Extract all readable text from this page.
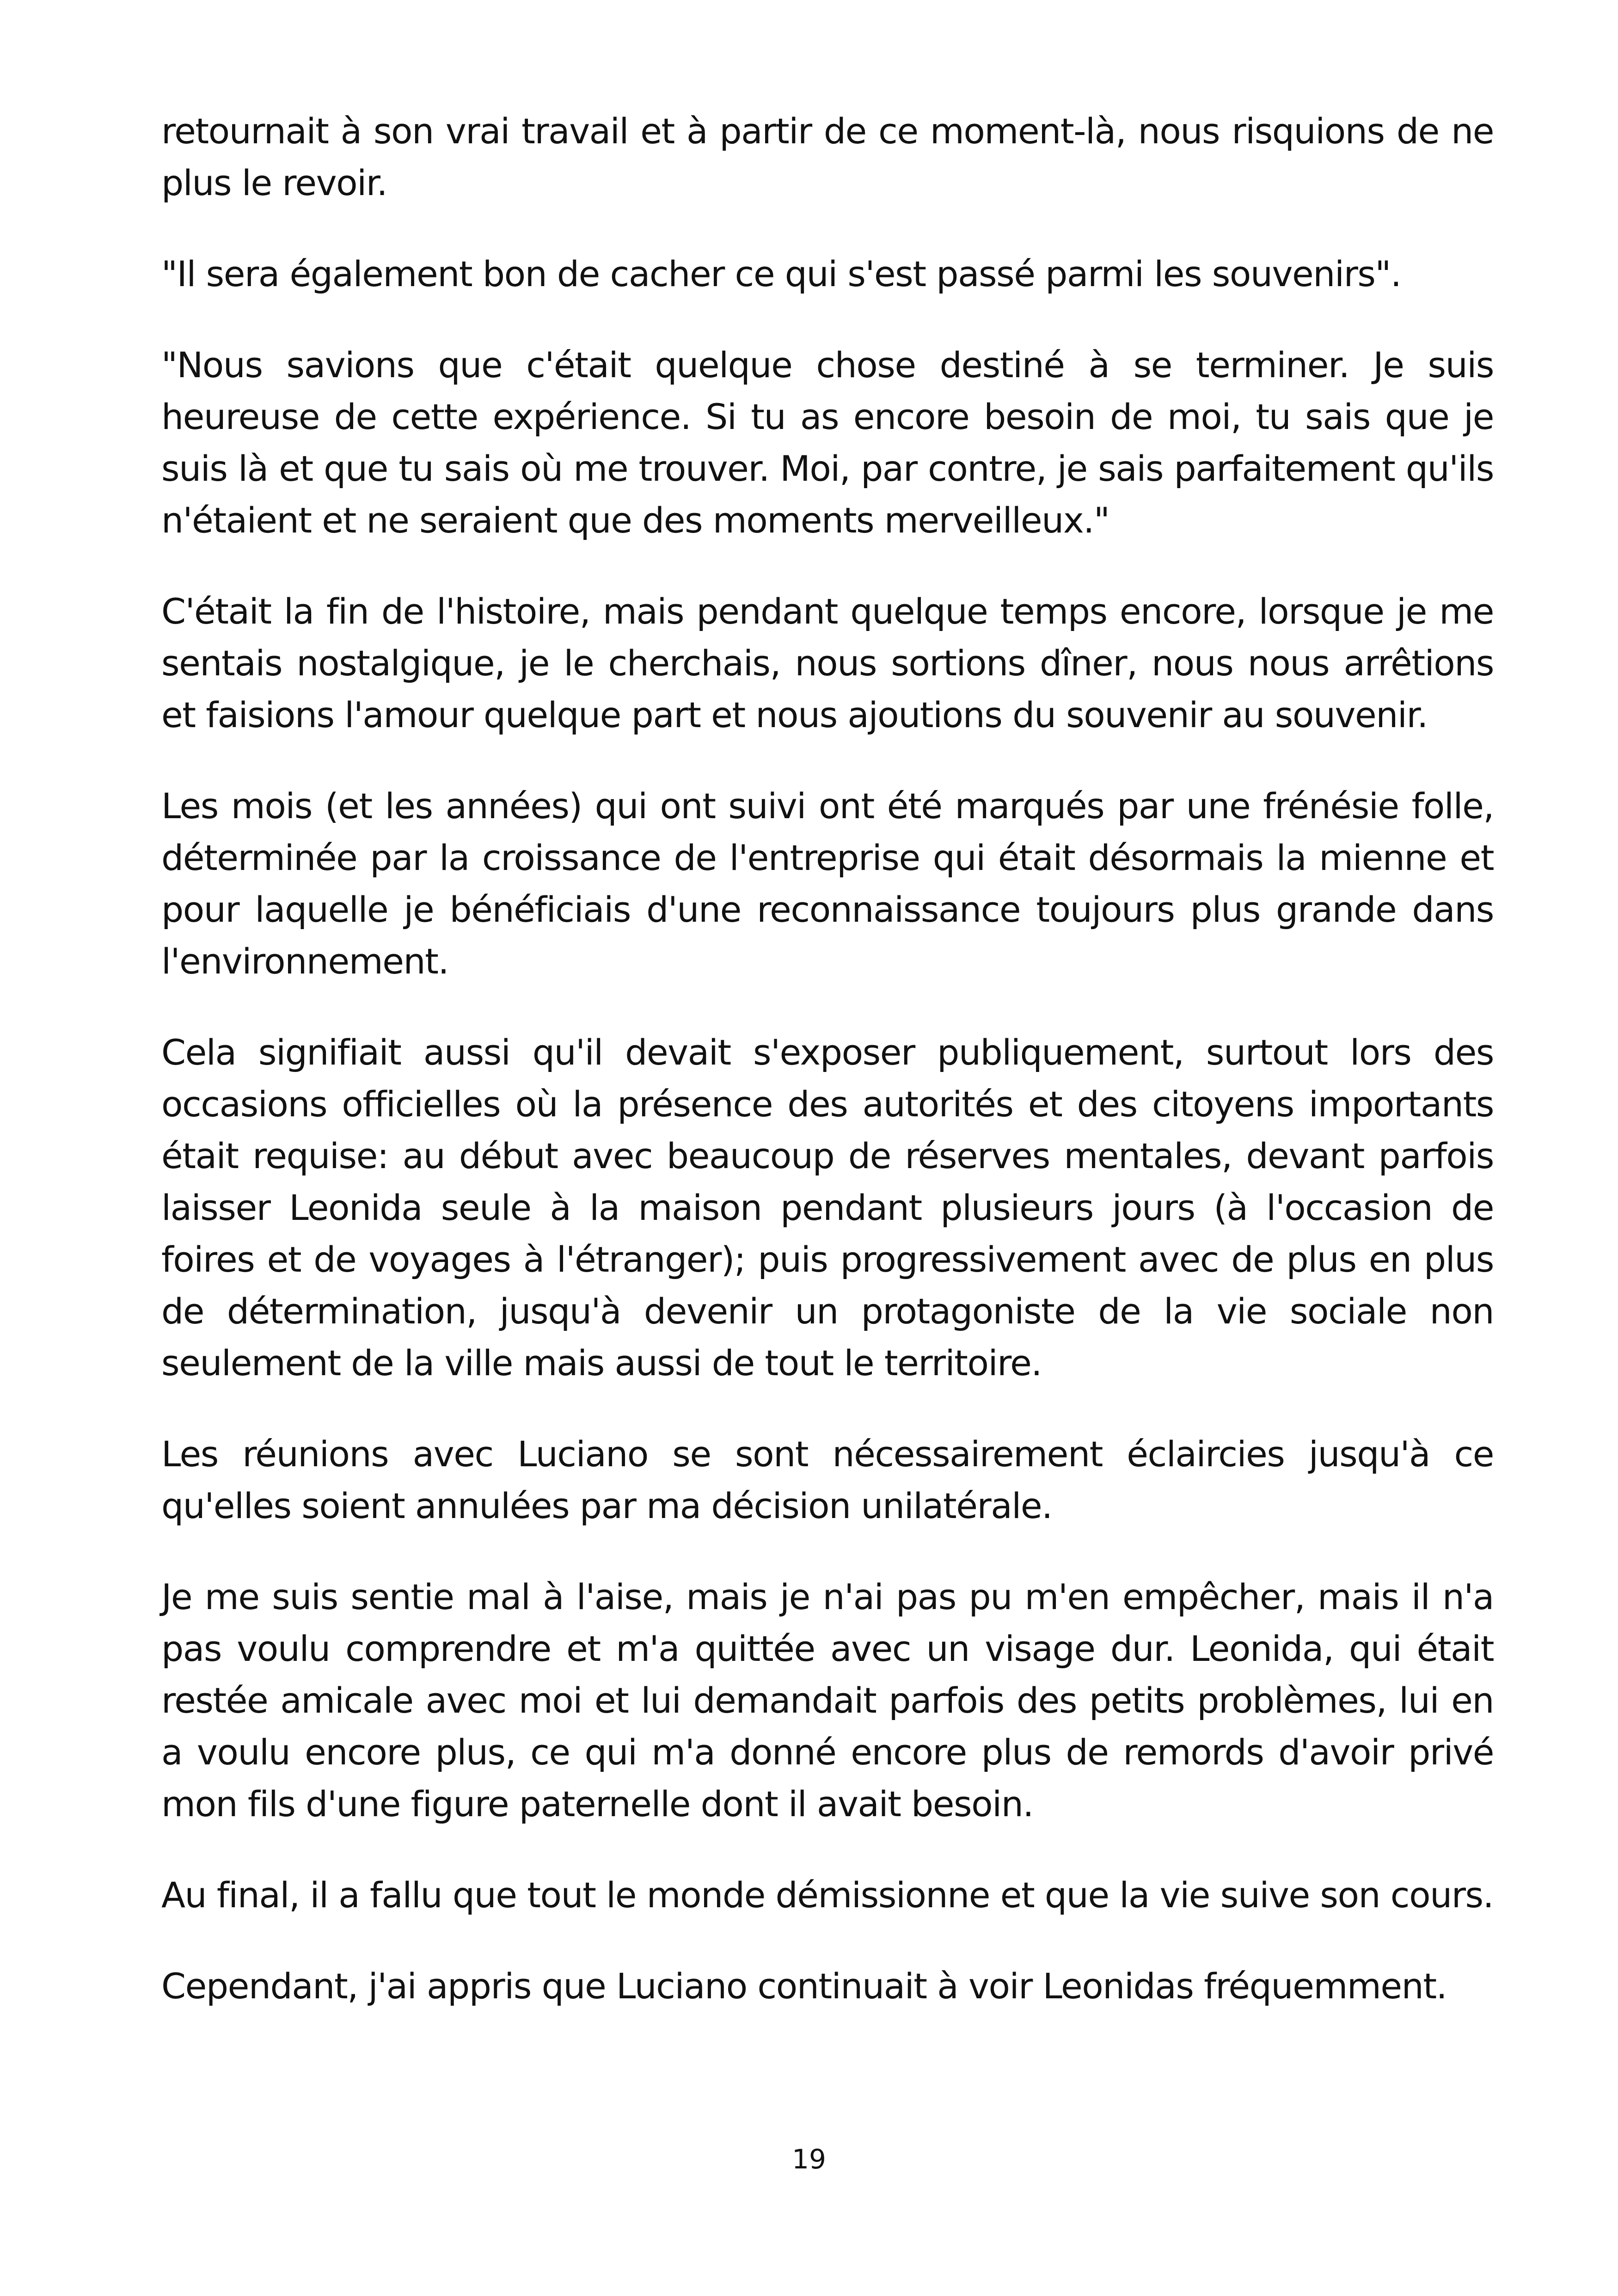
retournait à son vrai travail et à partir de ce moment-là, nous risquions de ne plus le revoir.

"Il sera également bon de cacher ce qui s'est passé parmi les souvenirs".

"Nous savions que c'était quelque chose destiné à se terminer. Je suis heureuse de cette expérience. Si tu as encore besoin de moi, tu sais que je suis là et que tu sais où me trouver. Moi, par contre, je sais parfaitement qu'ils n'étaient et ne seraient que des moments merveilleux."

C'était la fin de l'histoire, mais pendant quelque temps encore, lorsque je me sentais nostalgique, je le cherchais, nous sortions dîner, nous nous arrêtions et faisions l'amour quelque part et nous ajoutions du souvenir au souvenir.

Les mois (et les années) qui ont suivi ont été marqués par une frénésie folle, déterminée par la croissance de l'entreprise qui était désormais la mienne et pour laquelle je bénéficiais d'une reconnaissance toujours plus grande dans l'environnement.

Cela signifiait aussi qu'il devait s'exposer publiquement, surtout lors des occasions officielles où la présence des autorités et des citoyens importants était requise: au début avec beaucoup de réserves mentales, devant parfois laisser Leonida seule à la maison pendant plusieurs jours (à l'occasion de foires et de voyages à l'étranger); puis progressivement avec de plus en plus de détermination, jusqu'à devenir un protagoniste de la vie sociale non seulement de la ville mais aussi de tout le territoire.

Les réunions avec Luciano se sont nécessairement éclaircies jusqu'à ce qu'elles soient annulées par ma décision unilatérale.

Je me suis sentie mal à l'aise, mais je n'ai pas pu m'en empêcher, mais il n'a pas voulu comprendre et m'a quittée avec un visage dur. Leonida, qui était restée amicale avec moi et lui demandait parfois des petits problèmes, lui en a voulu encore plus, ce qui m'a donné encore plus de remords d'avoir privé mon fils d'une figure paternelle dont il avait besoin.

Au final, il a fallu que tout le monde démissionne et que la vie suive son cours.

Cependant, j'ai appris que Luciano continuait à voir Leonidas fréquemment.

19
